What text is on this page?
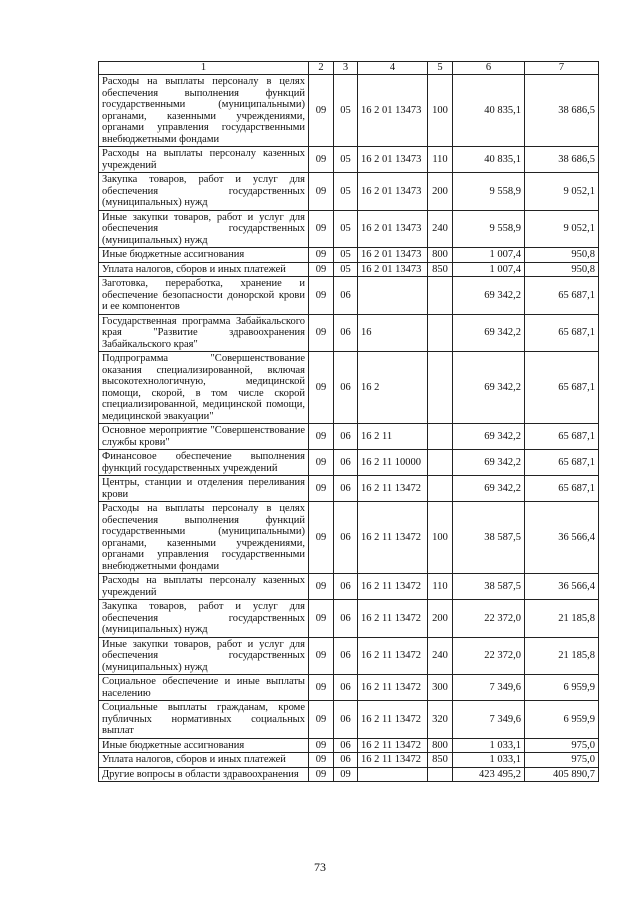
1	2	3	4	5	6	7
Расходы на выплаты персоналу в целях обеспечения выполнения функций государственными (муниципальными) органами, казенными учреждениями, органами управления государственными внебюджетными фондами	09	05	16 2 01 13473	100	40 835,1	38 686,5
Расходы на выплаты персоналу казенных учреждений	09	05	16 2 01 13473	110	40 835,1	38 686,5
Закупка товаров, работ и услуг для обеспечения государственных (муниципальных) нужд	09	05	16 2 01 13473	200	9 558,9	9 052,1
Иные закупки товаров, работ и услуг для обеспечения государственных (муниципальных) нужд	09	05	16 2 01 13473	240	9 558,9	9 052,1
Иные бюджетные ассигнования	09	05	16 2 01 13473	800	1 007,4	950,8
Уплата налогов, сборов и иных платежей	09	05	16 2 01 13473	850	1 007,4	950,8
Заготовка, переработка, хранение и обеспечение безопасности донорской крови и ее компонентов	09	06			69 342,2	65 687,1
Государственная программа Забайкальского края "Развитие здравоохранения Забайкальского края"	09	06	16		69 342,2	65 687,1
Подпрограмма "Совершенствование оказания специализированной, включая высокотехнологичную, медицинской помощи, скорой, в том числе скорой специализированной, медицинской помощи, медицинской эвакуации"	09	06	16 2		69 342,2	65 687,1
Основное мероприятие "Совершенствование службы крови"	09	06	16 2 11		69 342,2	65 687,1
Финансовое обеспечение выполнения функций государственных учреждений	09	06	16 2 11 10000		69 342,2	65 687,1
Центры, станции и отделения переливания крови	09	06	16 2 11 13472		69 342,2	65 687,1
Расходы на выплаты персоналу в целях обеспечения выполнения функций государственными (муниципальными) органами, казенными учреждениями, органами управления государственными внебюджетными фондами	09	06	16 2 11 13472	100	38 587,5	36 566,4
Расходы на выплаты персоналу казенных учреждений	09	06	16 2 11 13472	110	38 587,5	36 566,4
Закупка товаров, работ и услуг для обеспечения государственных (муниципальных) нужд	09	06	16 2 11 13472	200	22 372,0	21 185,8
Иные закупки товаров, работ и услуг для обеспечения государственных (муниципальных) нужд	09	06	16 2 11 13472	240	22 372,0	21 185,8
Социальное обеспечение и иные выплаты населению	09	06	16 2 11 13472	300	7 349,6	6 959,9
Социальные выплаты гражданам, кроме публичных нормативных социальных выплат	09	06	16 2 11 13472	320	7 349,6	6 959,9
Иные бюджетные ассигнования	09	06	16 2 11 13472	800	1 033,1	975,0
Уплата налогов, сборов и иных платежей	09	06	16 2 11 13472	850	1 033,1	975,0
Другие вопросы в области здравоохранения	09	09			423 495,2	405 890,7
73
